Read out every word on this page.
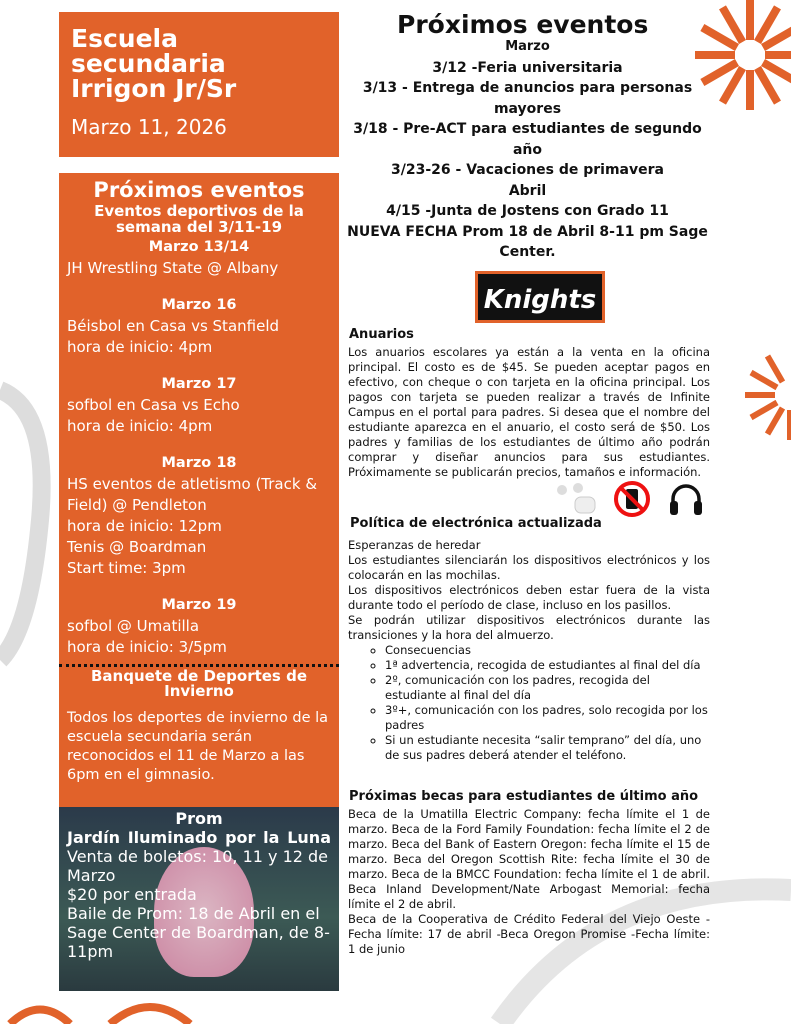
Escuela secundaria Irrigon Jr/Sr
Marzo 11, 2026
Próximos eventos
Eventos deportivos de la semana del 3/11-19
Marzo 13/14
JH Wrestling State @ Albany
Marzo 16
Béisbol en Casa vs Stanfield
hora de inicio: 4pm
Marzo 17
sofbol en Casa vs Echo
hora de inicio: 4pm
Marzo 18
HS eventos de atletismo (Track & Field) @ Pendleton
hora de inicio: 12pm
Tenis @ Boardman
Start time: 3pm
Marzo 19
sofbol @ Umatilla
hora de inicio: 3/5pm
Banquete de Deportes de Invierno
Todos los deportes de invierno de la escuela secundaria serán reconocidos el 11 de Marzo a las 6pm en el gimnasio.
Prom
Jardín Iluminado por la Luna
Venta de boletos: 10, 11 y 12 de Marzo
$20 por entrada
Baile de Prom: 18 de Abril en el Sage Center de Boardman, de 8-11pm
Próximos eventos
Marzo
3/12 -Feria universitaria
3/13 - Entrega de anuncios para personas mayores
3/18 - Pre-ACT para estudiantes de segundo año
3/23-26 - Vacaciones de primavera
Abril
4/15 -Junta de Jostens con Grado 11
NUEVA FECHA Prom 18 de Abril 8-11 pm Sage Center.
Knights
Anuarios
Los anuarios escolares ya están a la venta en la oficina principal. El costo es de $45. Se pueden aceptar pagos en efectivo, con cheque o con tarjeta en la oficina principal. Los pagos con tarjeta se pueden realizar a través de Infinite Campus en el portal para padres. Si desea que el nombre del estudiante aparezca en el anuario, el costo será de $50. Los padres y familias de los estudiantes de último año podrán comprar y diseñar anuncios para sus estudiantes. Próximamente se publicarán precios, tamaños e información.
Política de electrónica actualizada
Esperanzas de heredar
Los estudiantes silenciarán los dispositivos electrónicos y los colocarán en las mochilas.
Los dispositivos electrónicos deben estar fuera de la vista durante todo el período de clase, incluso en los pasillos.
Se podrán utilizar dispositivos electrónicos durante las transiciones y la hora del almuerzo.
◦ Consecuencias
◦ 1ª advertencia, recogida de estudiantes al final del día
◦ 2º, comunicación con los padres, recogida del estudiante al final del día
◦ 3º+, comunicación con los padres, solo recogida por los padres
◦ Si un estudiante necesita “salir temprano” del día, uno de sus padres deberá atender el teléfono.
Próximas becas para estudiantes de último año
Beca de la Umatilla Electric Company: fecha límite el 1 de marzo. Beca de la Ford Family Foundation: fecha límite el 2 de marzo. Beca del Bank of Eastern Oregon: fecha límite el 15 de marzo. Beca del Oregon Scottish Rite: fecha límite el 30 de marzo. Beca de la BMCC Foundation: fecha límite el 1 de abril. Beca Inland Development/Nate Arbogast Memorial: fecha límite el 2 de abril.
Beca de la Cooperativa de Crédito Federal del Viejo Oeste -Fecha límite: 17 de abril -Beca Oregon Promise -Fecha límite: 1 de junio
